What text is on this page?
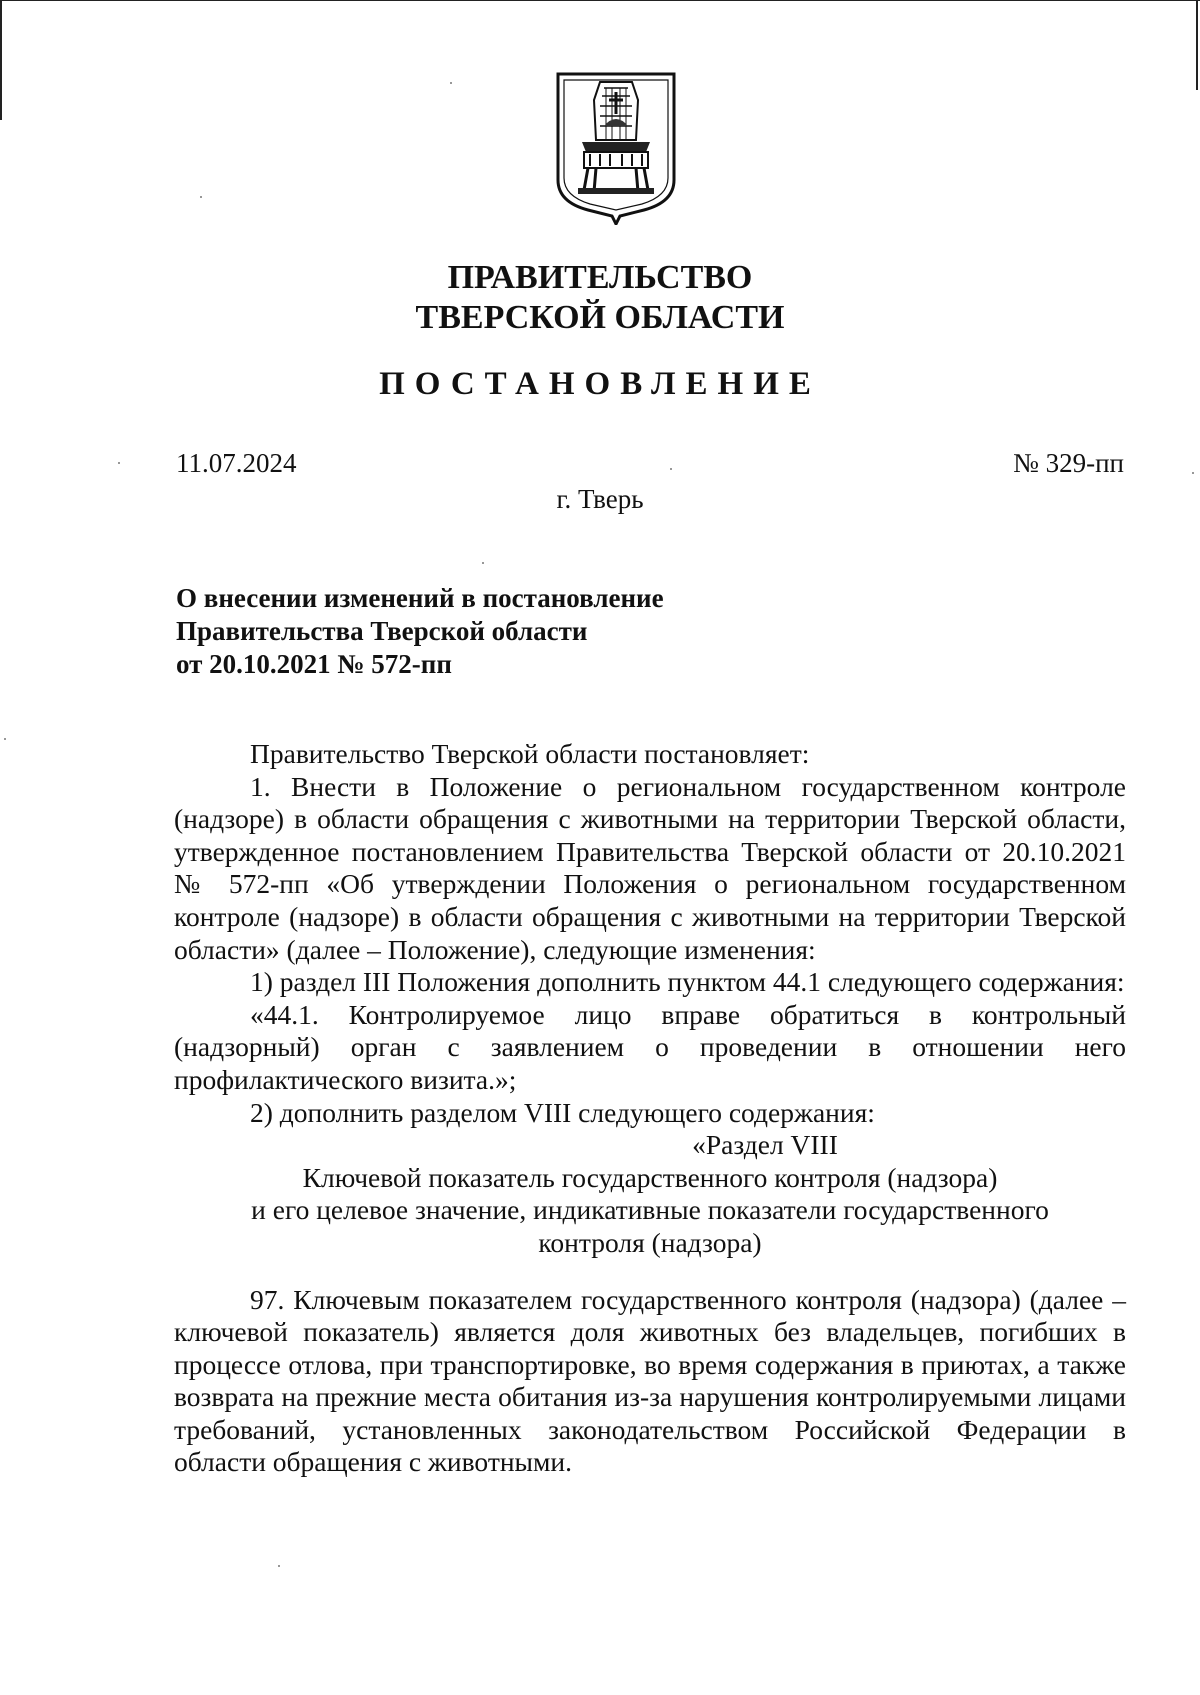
ПРАВИТЕЛЬСТВО
ТВЕРСКОЙ ОБЛАСТИ
ПОСТАНОВЛЕНИЕ
11.07.2024	№ 329-пп
г. Тверь
О внесении изменений в постановление
Правительства Тверской области
от 20.10.2021 № 572-пп

Правительство Тверской области постановляет:

1. Внести в Положение о региональном государственном контроле (надзоре) в области обращения с животными на территории Тверской области, утвержденное постановлением Правительства Тверской области от 20.10.2021 № 572-пп «Об утверждении Положения о региональном государственном контроле (надзоре) в области обращения с животными на территории Тверской области» (далее – Положение), следующие изменения:

1) раздел III Положения дополнить пунктом 44.1 следующего содержания:

«44.1. Контролируемое лицо вправе обратиться в контрольный (надзорный) орган с заявлением о проведении в отношении него профилактического визита.»;

2) дополнить разделом VIII следующего содержания:

«Раздел VIII

Ключевой показатель государственного контроля (надзора)

и его целевое значение, индикативные показатели государственного

контроля (надзора)

97. Ключевым показателем государственного контроля (надзора) (далее – ключевой показатель) является доля животных без владельцев, погибших в процессе отлова, при транспортировке, во время содержания в приютах, а также возврата на прежние места обитания из-за нарушения контролируемыми лицами требований, установленных законодательством Российской Федерации в области обращения с животными.
